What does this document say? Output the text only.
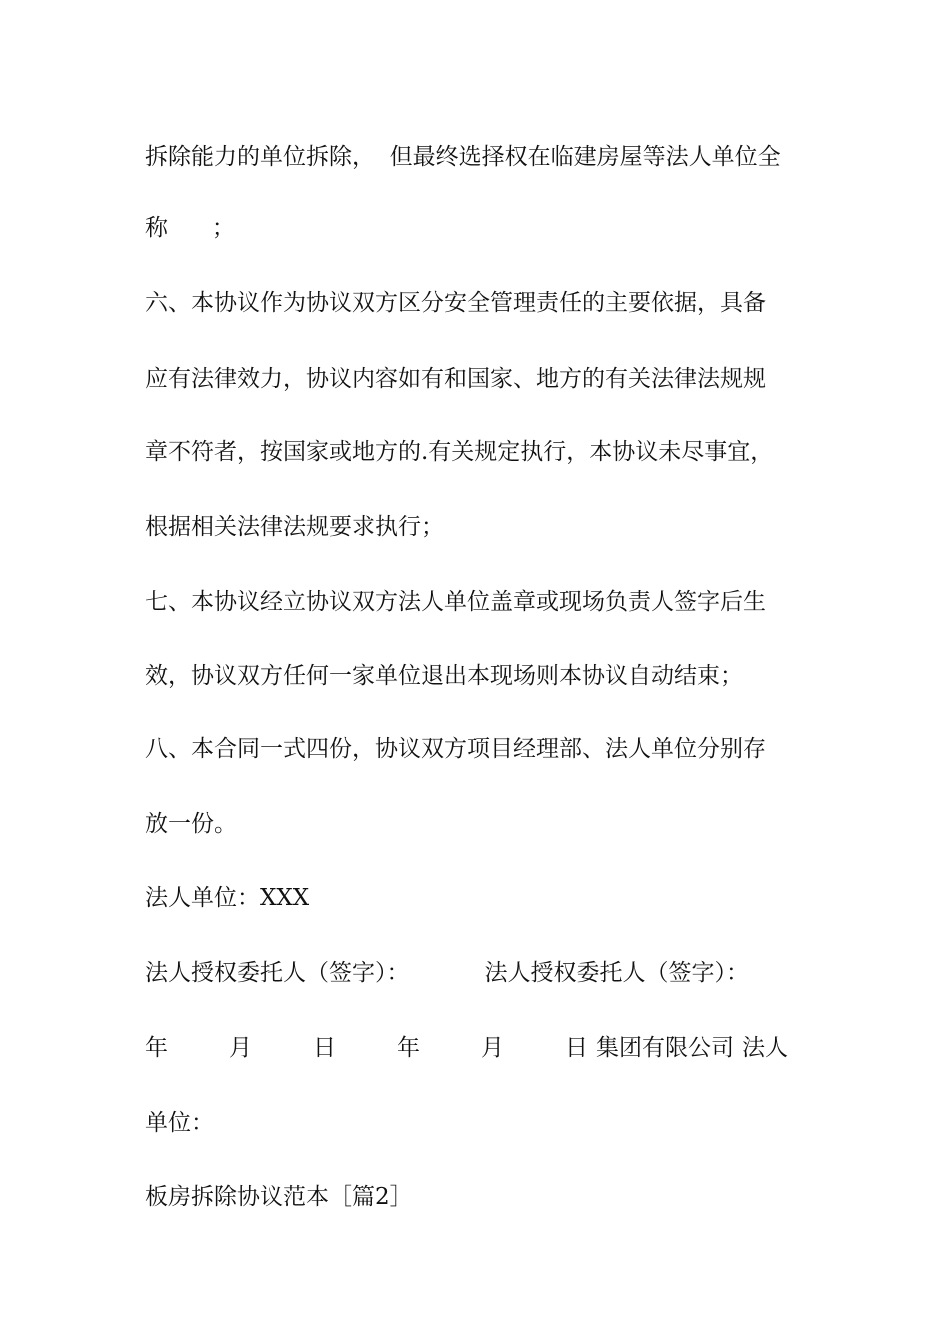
拆除能力的单位拆除，  但最终选择权在临建房屋等法人单位全
称      ；
六、本协议作为协议双方区分安全管理责任的主要依据，具备
应有法律效力，协议内容如有和国家、地方的有关法律法规规
章不符者，按国家或地方的.有关规定执行，本协议未尽事宜，
根据相关法律法规要求执行；
七、本协议经立协议双方法人单位盖章或现场负责人签字后生
效，协议双方任何一家单位退出本现场则本协议自动结束；
八、本合同一式四份，协议双方项目经理部、法人单位分别存
放一份。
法人单位：XXX
法人授权委托人（签字）：	法人授权委托人（签字）：
年	月	日	年	月	日 集团有限公司 法人
单位：
板房拆除协议范本［篇2］
